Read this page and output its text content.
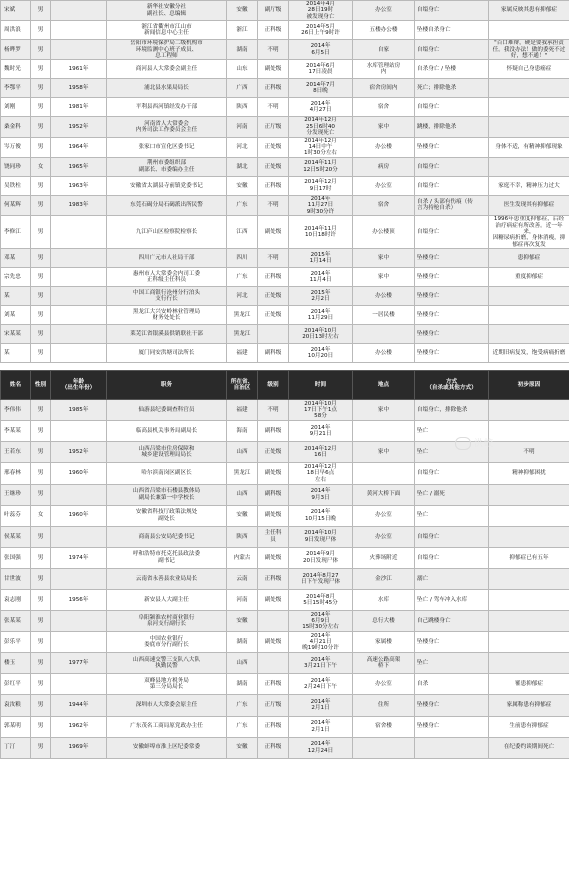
宋斌	男		新华社安徽分社
副社长、总编辑	安徽	副厅级	2014年4月
28日19时
被发现身亡	办公室	自缢身亡	家属反映其患有抑郁症
周洪浪	男		浙江省衢州市江山市
新闻信息中心主任	浙江	正科级	2014年5月
26日上午9时许	五楼办公楼	坠楼自杀身亡	
杨晔罗	男		岳阳市环境保护局二级机构市
环境监测中心班子成员、
总工程师	湖南	不明	2014年
6月5日	自家	自缢身亡	"百口难辩，硬是要我承担责
任。我没办法！做的委死不过
好，想不通！"
魏时光	男	1961年	商河县人大常委会副主任	山东	副处级	2014年6月
17日凌晨	水库管理站房
内	自杀身亡 / 坠楼	怀疑自己身患癌症
李鄂平	男	1958年	浦北县水果局局长	广西	正科级	2014年7月
8日晚	宿舍房间内	死亡；排除他杀	
刘刚	男	1981年	平利县西河镇经发办干部	陕西	不明	2014年
4月27日	宿舍	自缢身亡	
桑金科	男	1952年	河南省人大常委会
内务司法工作委员会主任	河南	正厅级	2014年12月
25日6时40
分发现死亡	家中	跳楼，排除他杀	
岑万俊	男	1964年	张家口市宣化区委书记	河北	正处级	2014年12月
14日中午
1时30分左右	办公楼	坠楼身亡	身体不适，有精神抑郁现象
饶同珍	女	1965年	荆州市委组织部
副部长、市委编办主任	湖北	正处级	2014年11月
12日5时20分	病房	自缢身亡	
吴铁柱	男	1963年	安徽省太湖县寺前镇党委书记	安徽	正科级	2014年12月
9日17时	办公室	自缢身亡	家庭不幸，精神压力过大
何某辉	男	1983年	东莞石碣分局石碣派出所民警	广东	不明	2014年
11月27日
9时30分许	宿舍	自杀 / 头部有伤痕（传
言为持枪自杀）	医生发现其有抑郁症
李修江	男		九江庐山区检察院检察长	江西	副处级	2014年11月
10日18时许	办公楼顶	自缢身亡	1996年患重度抑郁症，后经
治疗病症有所改善。近一年来，
因糖尿病折磨，身体消瘦，抑
郁症再次复发
邓某	男		四川广元市人社局干部	四川	不明	2015年
1月14日	家中	坠楼身亡	患抑郁症
宗先忠	男		惠州市人大常委会内司工委
正科级主任科员	广东	正科级	2014年
11月4日	家中	坠楼身亡	重度抑郁症
某	男		中国工商银行沧州分行泊头
支行行长	河北	正处级	2015年
2月2日	办公楼	坠楼身亡	
刘某	男		黑龙江大兴安岭林业管理局
财务处处长	黑龙江	正处级	2014年
11月29日	一居民楼	坠楼身亡	
宋某某	男		莱芜江省银溪县供销联社干部	黑龙江		2014年10月
20日13时左右		坠楼身亡	
某	男		厦门同安洪塘司法所长	福建	副科级	2014年
10月20日	办公楼	坠楼身亡	近期旧病复发，饱受病痛折磨
姓名	性别	年龄
（出生年份）	职务	所在省、
自治区	级别	时间	地点	方式
（自杀或其他方式）	初步原因
李伟伟	男	1985年	仙游县纪委调查科官员	福建	不明	2014年10月
17日下午1点
58分	家中	自缢身亡，排除他杀	
李某某	男		临高县机关事务局副局长	海南	副科级	2014年
9月21日		坠亡	
王若东	男	1952年	山西吕梁市住房保障和
城乡建设管理局局长	山西	正处级	2014年12月
16日	家中	坠亡	不明
邢春林	男	1960年	哈尔滨南岗区副区长	黑龙江	副处级	2014年12月
18日早6点
左右		自缢身亡	精神抑郁困扰
王继珍	男		山西省吕梁市石楼县教体局
副局长兼第一中学校长	山西	副科级	2014年
9月3日	黄河大桥下面	坠亡 / 溺死	
叶蕊芬	女	1960年	安徽省科技厅政策法规处
副处长	安徽	副处级	2014年
10月15日晚	办公室	坠亡	
侯某某	男		商南县公安局纪委书记	陕西	主任科
员	2014年10月
9日发现尸体	办公室	自缢身亡	
张国强	男	1974年	呼和浩特市托克托县政法委
副书记	内蒙古	副处级	2014年9月
20日发现尸体	火葬场附近	自缢身亡	抑郁症已有五年
甘世波	男		云南省永善县农业局局长	云南	正科级	2014年8月27
日下午发现尸体	金沙江	溺亡	
袁志刚	男	1956年	新安县人大副主任	河南	副处级	2014年8月
5日15时45分	水库	坠亡 / 驾车冲入水库	
张某某	男		阜阳颍淮农村商业银行
泉河支行副行长	安徽		2014年
6月9日
15时30分左右	总行大楼	自己跳楼身亡	
彭乐平	男		中国农业银行
娄底市分行副行长	湖南	副处级	2014年
4月21日
晚19时10分许	家属楼	坠楼身亡	
楼玉	男	1977年	山西高速交警三支队八大队
执勤民警	山西		2014年
3月21日下午	高速公路高架
桥下	坠亡	
彭红平	男		双峰县地方税务局
第三分局局长	湖南	正科级	2014年
2月24日下午	办公室	自杀	罹患抑郁症
袁汝粮	男	1944年	深圳市人大常委会原主任	广东	正厅级	2014年
2月1日	住所	坠楼身亡	家属称患有抑郁症
郭某明	男	1962年	广东茂名工商局原党政办主任	广东	正科级	2014年
2月1日	宿舍楼	坠楼身亡	生前患有抑郁症
丁汀	男	1969年	安徽蚌埠市淮上区纪委常委	安徽	正科级	2014年
12月24日			在纪委约谈期间死亡
洪蛟
